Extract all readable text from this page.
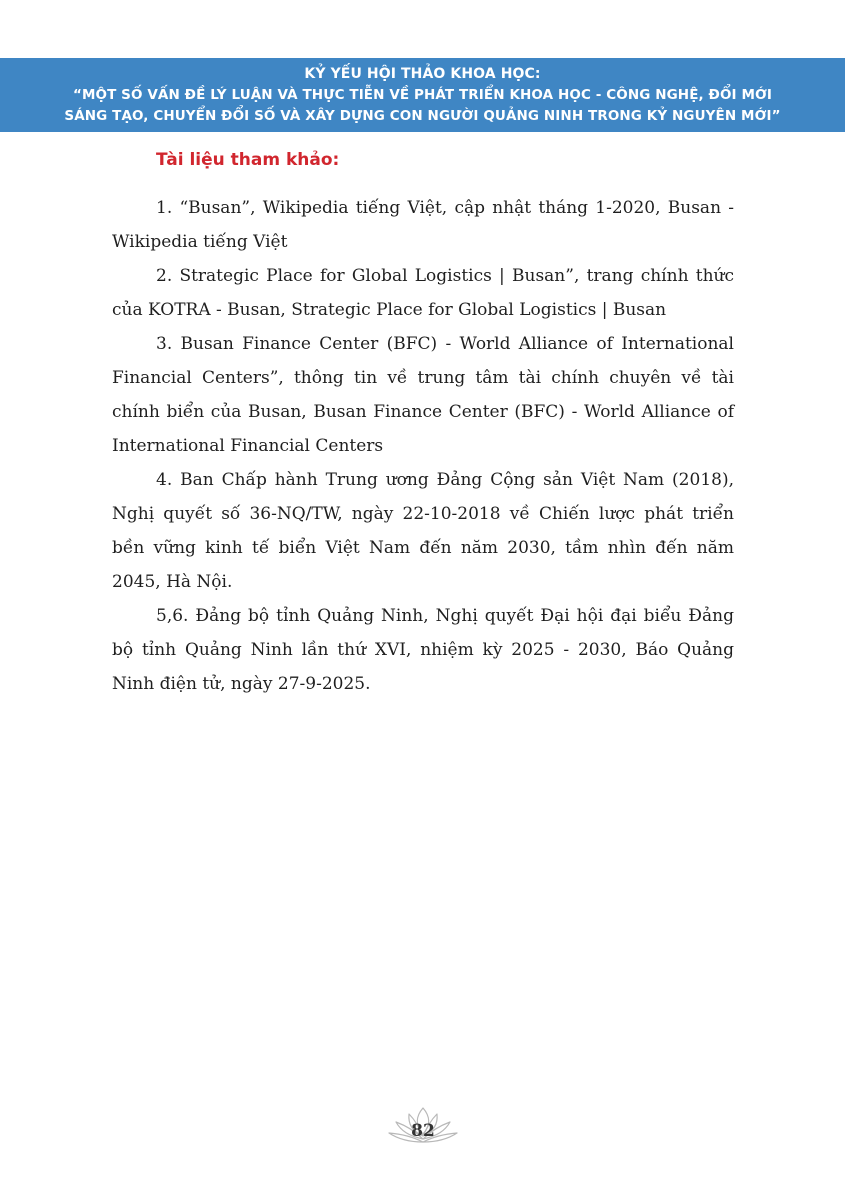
KỶ YẾU HỘI THẢO KHOA HỌC:
“MỘT SỐ VẤN ĐỀ LÝ LUẬN VÀ THỰC TIỄN VỀ PHÁT TRIỂN KHOA HỌC - CÔNG NGHỆ, ĐỔI MỚI
SÁNG TẠO, CHUYỂN ĐỔI SỐ VÀ XÂY DỰNG CON NGƯỜI QUẢNG NINH TRONG KỶ NGUYÊN MỚI”
Tài liệu tham khảo:

1. “Busan”, Wikipedia tiếng Việt, cập nhật tháng 1-2020, Busan - Wikipedia tiếng Việt

2. Strategic Place for Global Logistics | Busan”, trang chính thức của KOTRA - Busan, Strategic Place for Global Logistics | Busan

3. Busan Finance Center (BFC) - World Alliance of International Financial Centers”, thông tin về trung tâm tài chính chuyên về tài chính biển của Busan, Busan Finance Center (BFC) - World Alliance of International Financial Centers

4. Ban Chấp hành Trung ương Đảng Cộng sản Việt Nam (2018), Nghị quyết số 36-NQ/TW, ngày 22-10-2018 về Chiến lược phát triển bền vững kinh tế biển Việt Nam đến năm 2030, tầm nhìn đến năm 2045, Hà Nội.

5,6. Đảng bộ tỉnh Quảng Ninh, Nghị quyết Đại hội đại biểu Đảng bộ tỉnh Quảng Ninh lần thứ XVI, nhiệm kỳ 2025 - 2030, Báo Quảng Ninh điện tử, ngày 27-9-2025.

82
